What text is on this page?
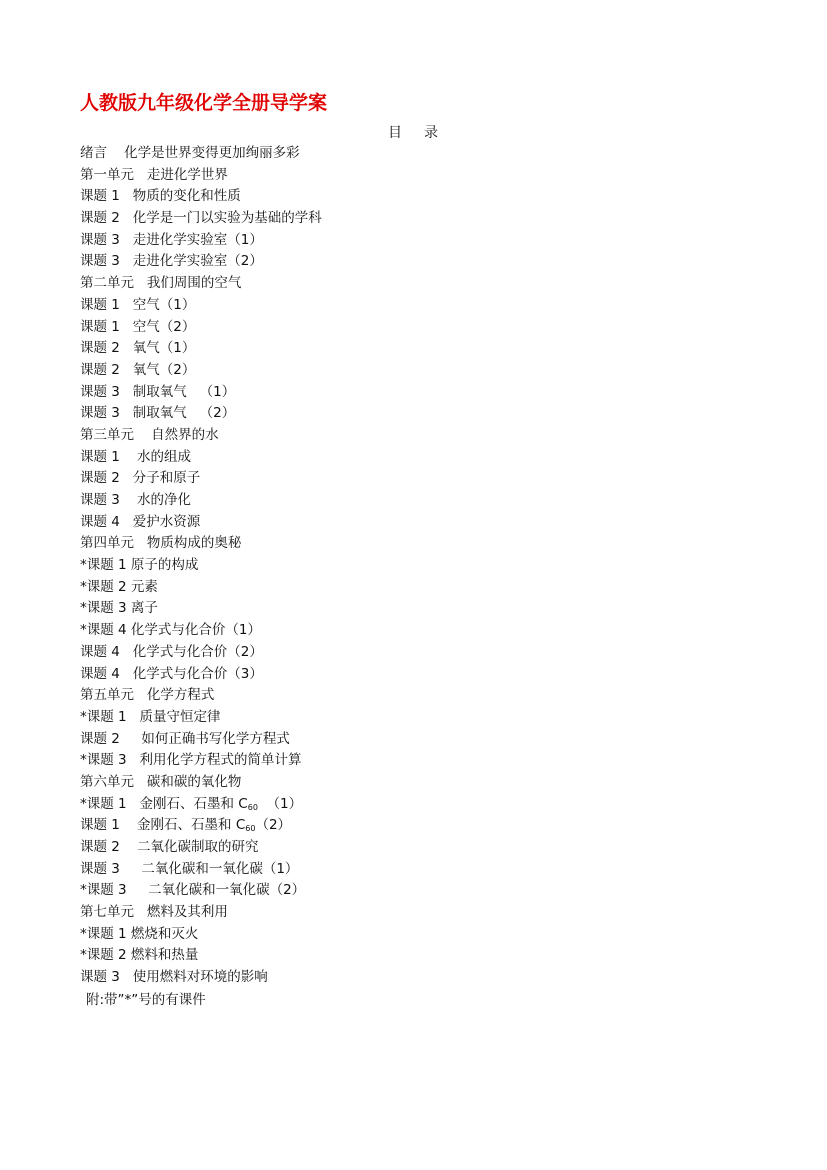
人教版九年级化学全册导学案
目录
绪言    化学是世界变得更加绚丽多彩
第一单元   走进化学世界
课题 1   物质的变化和性质
课题 2   化学是一门以实验为基础的学科
课题 3   走进化学实验室（1）
课题 3   走进化学实验室（2）
第二单元   我们周围的空气
课题 1   空气（1）
课题 1   空气（2）
课题 2   氧气（1）
课题 2   氧气（2）
课题 3   制取氧气   （1）
课题 3   制取氧气   （2）
第三单元    自然界的水
课题 1    水的组成
课题 2   分子和原子
课题 3    水的净化
课题 4   爱护水资源
第四单元   物质构成的奥秘
*课题 1 原子的构成
*课题 2 元素
*课题 3 离子
*课题 4 化学式与化合价（1）
课题 4   化学式与化合价（2）
课题 4   化学式与化合价（3）
第五单元   化学方程式
*课题 1   质量守恒定律
课题 2     如何正确书写化学方程式
*课题 3   利用化学方程式的简单计算
第六单元   碳和碳的氧化物
*课题 1   金刚石、石墨和 $C_{60}$  （1）
课题 1    金刚石、石墨和 $C_{60}(2)$
课题 2    二氧化碳制取的研究
课题 3     二氧化碳和一氧化碳（1）
*课题 3     二氧化碳和一氧化碳（2）
第七单元   燃料及其利用
*课题 1 燃烧和灭火
*课题 2 燃料和热量
课题 3   使用燃料对环境的影响
附:带”*”号的有课件
